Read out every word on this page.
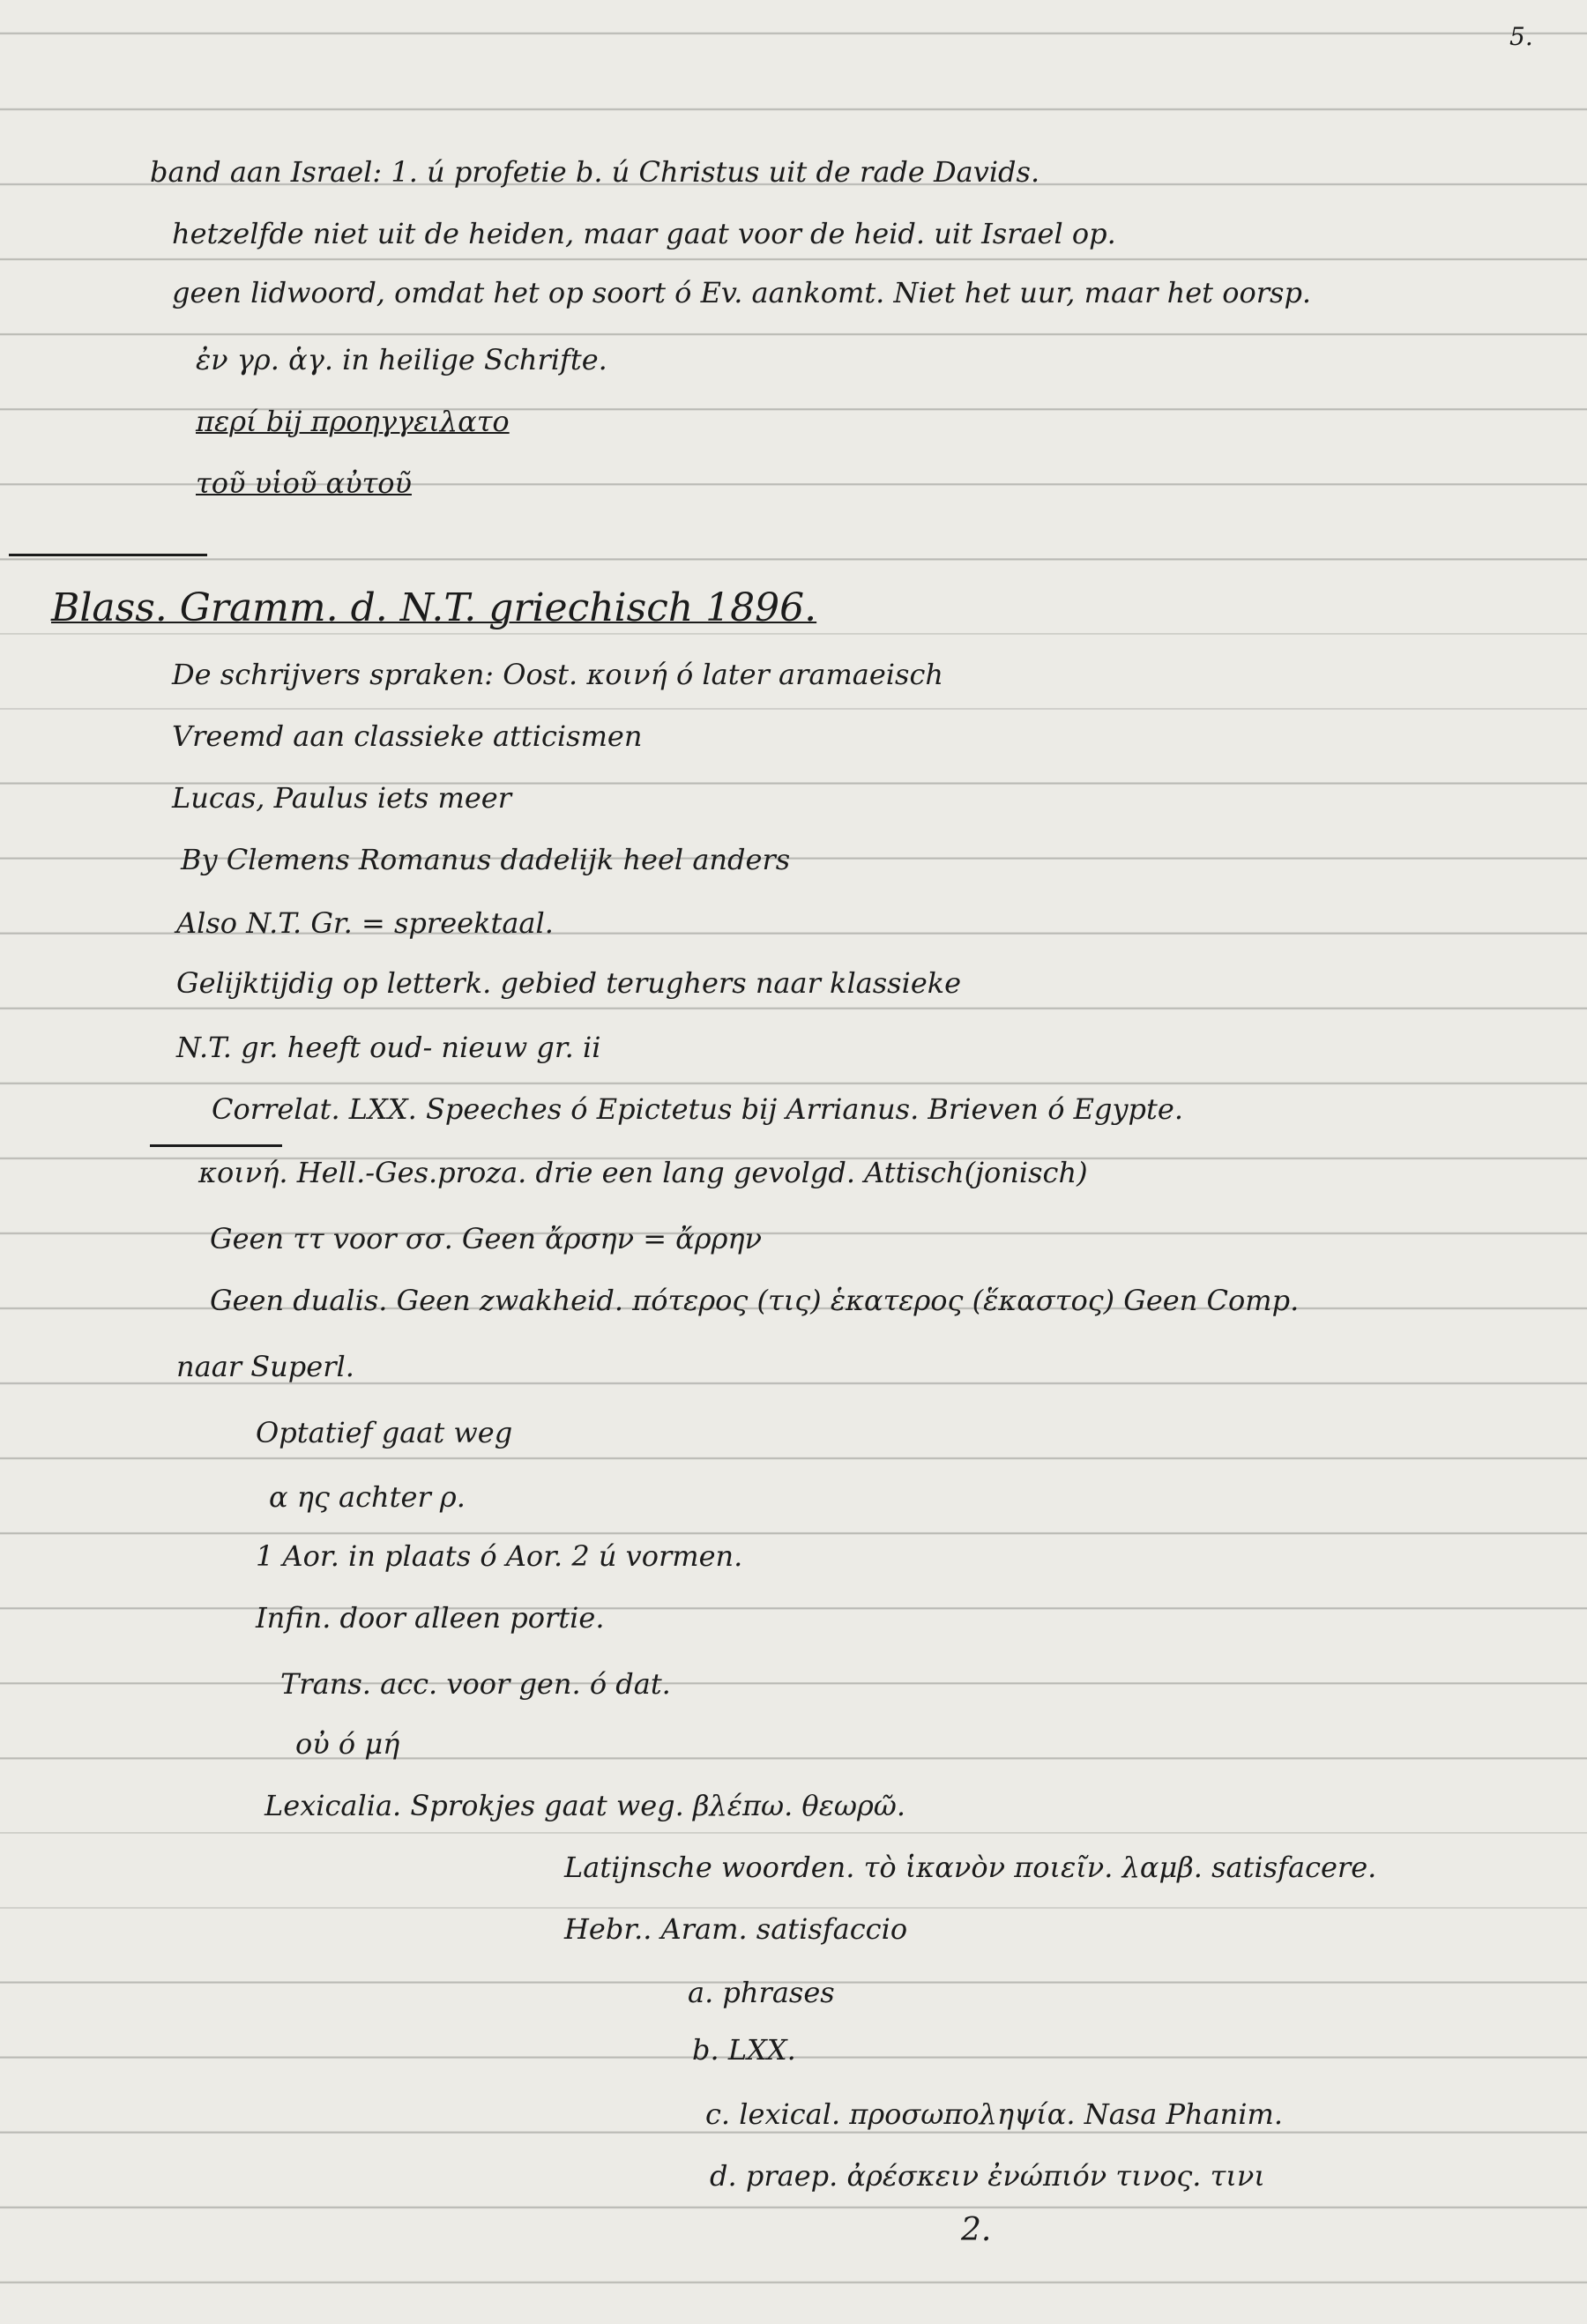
5.
band aan Israel: 1. ú profetie b. ú Christus uit de rade Davids.
hetzelfde niet uit de heiden, maar gaat voor de heid. uit Israel op.
geen lidwoord, omdat het op soort ó Ev. aankomt. Niet het uur, maar het oorsp.
ἐν γρ. ἁγ. in heilige Schrifte.
περί bij προηγγειλατο
τοῦ υἱοῦ αὐτοῦ
Blass. Gramm. d. N.T. griechisch 1896.
De schrijvers spraken: Oost. κοινή ó later aramaeisch
Vreemd aan classieke atticismen
Lucas, Paulus iets meer
By Clemens Romanus dadelijk heel anders
Also N.T. Gr. = spreektaal.
Gelijktijdig op letterk. gebied terughers naar klassieke
N.T. gr. heeft oud- nieuw gr. ii
Correlat. LXX. Speeches ó Epictetus bij Arrianus. Brieven ó Egypte.
κοινή. Hell.-Ges.proza. drie een lang gevolgd. Attisch(jonisch)
Geen ττ voor σσ. Geen ἄρσην = ἄρρην
Geen dualis. Geen zwakheid. πότερος (τις) ἑκατερος (ἕκαστος) Geen Comp.
naar Superl.
Optatief gaat weg
α ης achter ρ.
1 Aor. in plaats ó Aor. 2 ú vormen.
Infin. door alleen portie.
Trans. acc. voor gen. ó dat.
οὐ ó μή
Lexicalia. Sprokjes gaat weg. βλέπω. θεωρῶ.
Latijnsche woorden. τὸ ἱκανὸν ποιεῖν. λαμβ. satisfacere.
Hebr.. Aram. satisfaccio
a. phrases
b. LXX.
c. lexical. προσωποληψία. Nasa Phanim.
d. praep. ἀρέσκειν ἐνώπιόν τινος. τινι
2.
